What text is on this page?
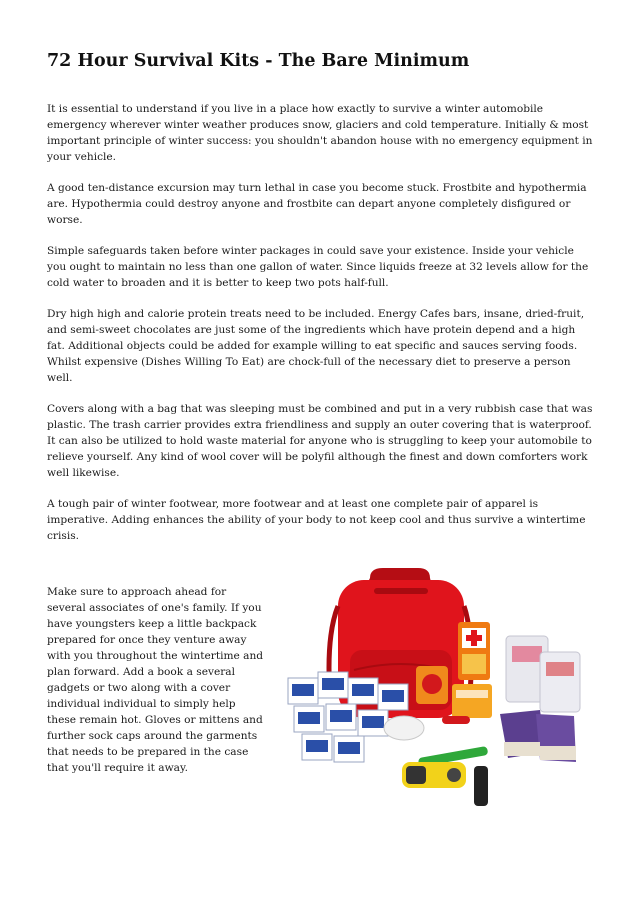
72 Hour Survival Kits - The Bare Minimum

It is essential to understand if you live in a place how exactly to survive a winter automobile emergency wherever winter weather produces snow, glaciers and cold temperature. Initially & most important principle of winter success: you shouldn't abandon house with no emergency equipment in your vehicle.

A good ten-distance excursion may turn lethal in case you become stuck. Frostbite and hypothermia are. Hypothermia could destroy anyone and frostbite can depart anyone completely disfigured or worse.

Simple safeguards taken before winter packages in could save your existence. Inside your vehicle you ought to maintain no less than one gallon of water. Since liquids freeze at 32 levels allow for the cold water to broaden and it is better to keep two pots half-full.

Dry high high and calorie protein treats need to be included. Energy Cafes bars, insane, dried-fruit, and semi-sweet chocolates are just some of the ingredients which have protein depend and a high fat. Additional objects could be added for example willing to eat specific and sauces serving foods. Whilst expensive (Dishes Willing To Eat) are chock-full of the necessary diet to preserve a person well.

Covers along with a bag that was sleeping must be combined and put in a very rubbish case that was plastic. The trash carrier provides extra friendliness and supply an outer covering that is waterproof. It can also be utilized to hold waste material for anyone who is struggling to keep your automobile to relieve yourself. Any kind of wool cover will be polyfil although the finest and down comforters work well likewise.

A tough pair of winter footwear, more footwear and at least one complete pair of apparel is imperative. Adding enhances the ability of your body to not keep cool and thus survive a wintertime crisis.

Make sure to approach ahead for several associates of one's family. If you have youngsters keep a little backpack prepared for once they venture away with you throughout the wintertime and plan forward. Add a book a several gadgets or two along with a cover individual individual to simply help these remain hot. Gloves or mittens and further sock caps around the garments that needs to be prepared in the case that you'll require it away.
